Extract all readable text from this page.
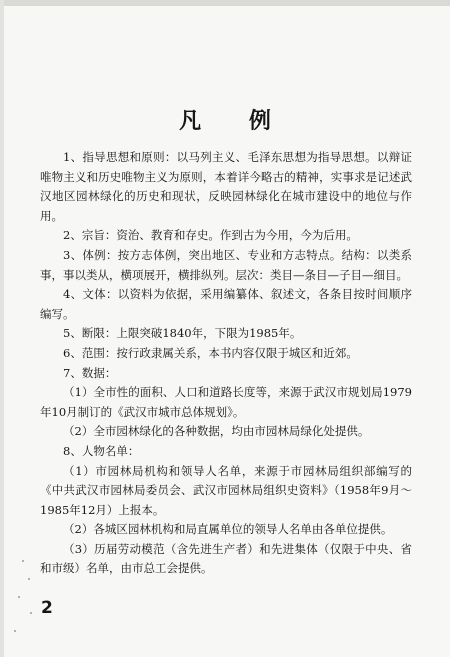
凡 例

1、指导思想和原则：以马列主义、毛泽东思想为指导思想。以辩证唯物主义和历史唯物主义为原则，本着详今略古的精神，实事求是记述武汉地区园林绿化的历史和现状，反映园林绿化在城市建设中的地位与作用。

2、宗旨：资治、教育和存史。作到古为今用，今为后用。

3、体例：按方志体例，突出地区、专业和方志特点。结构：以类系事，事以类从，横项展开，横排纵列。层次：类目—条目—子目—细目。

4、文体：以资料为依据，采用编纂体、叙述文，各条目按时间顺序编写。

5、断限：上限突破1840年，下限为1985年。

6、范围：按行政隶属关系，本书内容仅限于城区和近郊。

7、数据：

（1）全市性的面积、人口和道路长度等，来源于武汉市规划局1979年10月制订的《武汉市城市总体规划》。

（2）全市园林绿化的各种数据，均由市园林局绿化处提供。

8、人物名单：

（1）市园林局机构和领导人名单，来源于市园林局组织部编写的《中共武汉市园林局委员会、武汉市园林局组织史资料》（1958年9月～1985年12月）上报本。

（2）各城区园林机构和局直属单位的领导人名单由各单位提供。

（3）历届劳动模范（含先进生产者）和先进集体（仅限于中央、省和市级）名单，由市总工会提供。

2
